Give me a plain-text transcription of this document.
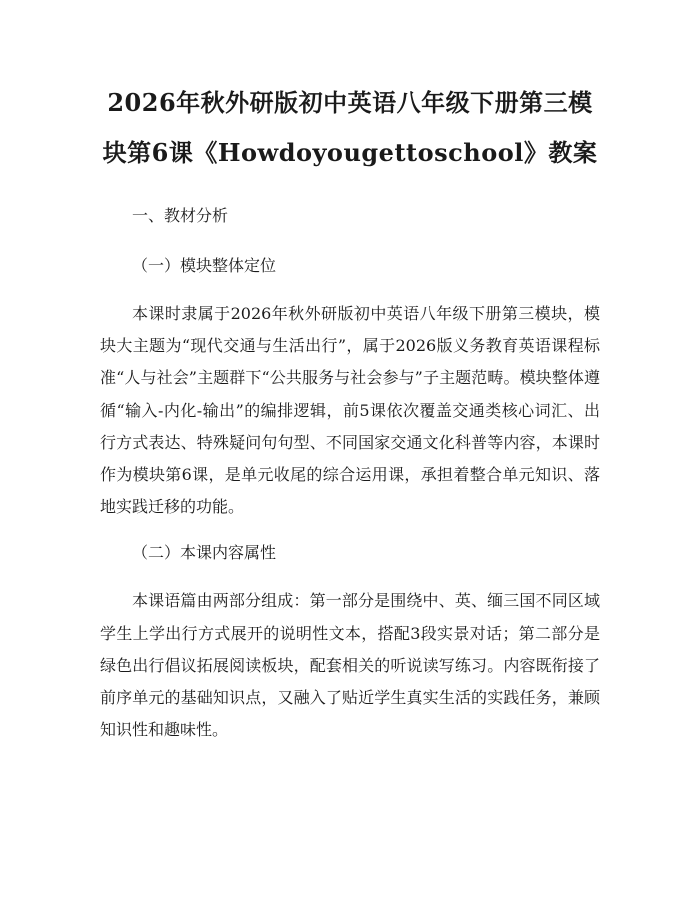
2026年秋外研版初中英语八年级下册第三模
块第6课《Howdoyougettoschool》教案

一、教材分析

（一）模块整体定位

本课时隶属于2026年秋外研版初中英语八年级下册第三模块，模块大主题为“现代交通与生活出行”，属于2026版义务教育英语课程标准“人与社会”主题群下“公共服务与社会参与”子主题范畴。模块整体遵循“输入-内化-输出”的编排逻辑，前5课依次覆盖交通类核心词汇、出行方式表达、特殊疑问句句型、不同国家交通文化科普等内容，本课时作为模块第6课，是单元收尾的综合运用课，承担着整合单元知识、落地实践迁移的功能。

（二）本课内容属性

本课语篇由两部分组成：第一部分是围绕中、英、缅三国不同区域学生上学出行方式展开的说明性文本，搭配3段实景对话；第二部分是绿色出行倡议拓展阅读板块，配套相关的听说读写练习。内容既衔接了前序单元的基础知识点，又融入了贴近学生真实生活的实践任务，兼顾知识性和趣味性。
